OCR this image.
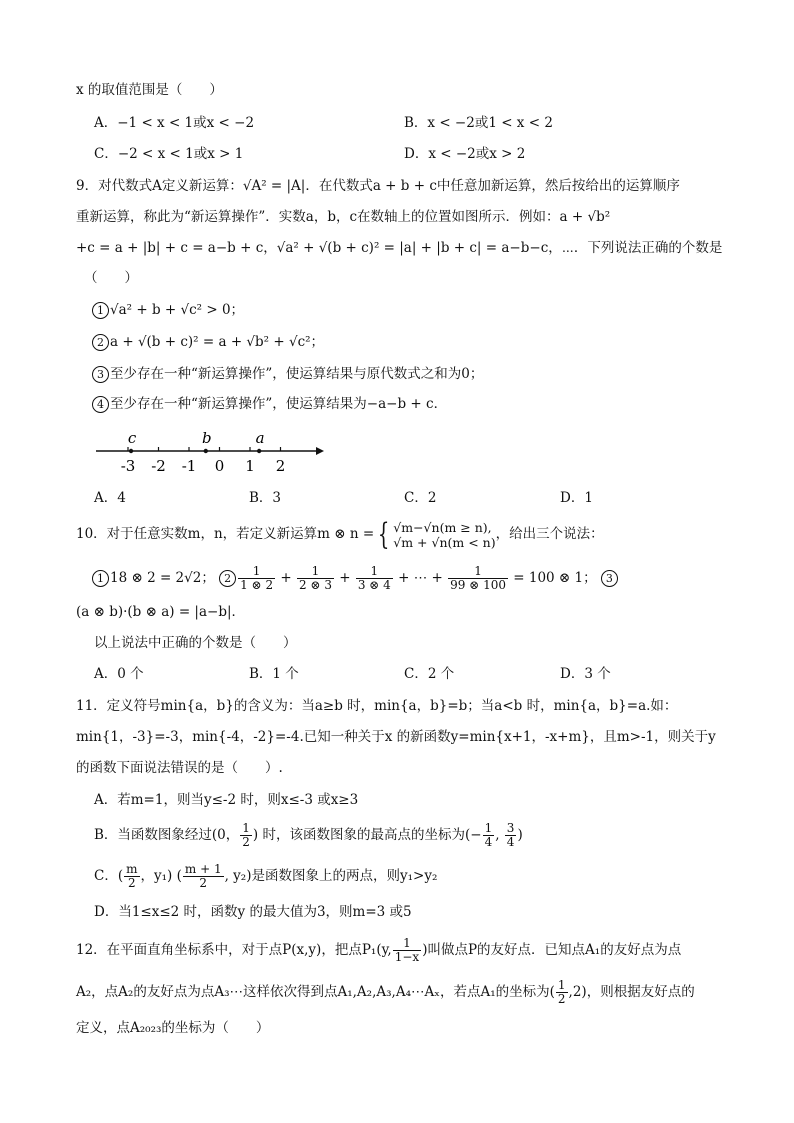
x 的取值范围是（　　）
A．−1 < x < 1或x < −2	B．x < −2或1 < x < 2
C．−2 < x < 1或x > 1	D．x < −2或x > 2
9．对代数式A定义新运算：√A² = |A|．在代数式a + b + c中任意加新运算，然后按给出的运算顺序
重新运算，称此为“新运算操作”．实数a，b，c在数轴上的位置如图所示．例如：a + √b²
+c = a + |b| + c = a−b + c，√a² + √(b + c)² = |a| + |b + c| = a−b−c，⋯．下列说法正确的个数是
（　　）
1 √a² + b + √c² > 0；
2 a + √(b + c)² = a + √b² + √c²；
3 至少存在一种“新运算操作”，使运算结果与原代数式之和为0；
4 至少存在一种“新运算操作”，使运算结果为−a−b + c．
-3 -2 -1 0 1 2
c	b	a
A．4	B．3	C．2	D．1
10．对于任意实数m，n，若定义新运算m ⊗ n = { √m−√n(m ≥ n),
√m + √n(m < n) ，给出三个说法：
1 18 ⊗ 2 = 2√2； $2 \frac{1}{1 \otimes 2} + \frac{1}{2 \otimes 3} + \frac{1}{3 \otimes 4}$ + ⋯ + $\frac{1}{99 \otimes 100} = 100$ ⊗ 1； 3
(a ⊗ b)·(b ⊗ a) = |a−b|．
以上说法中正确的个数是（　　）
A．0 个	B．1 个	C．2 个	D．3 个
11．定义符号min{a，b}的含义为：当a≥b 时，min{a，b}=b；当a<b 时，min{a，b}=a.如：
min{1，-3}=-3，min{-4，-2}=-4.已知一种关于x 的新函数y=min{x+1，-x+m}，且m>-1，则关于y
的函数下面说法错误的是（　　）.
A．若m=1，则当y≤-2 时，则x≤-3 或x≥3
B．当函数图象经过(0， $\frac{1}{2}$ ) 时，该函数图象的最高点的坐标为(− $\frac{1}{4}$ , $\frac{3}{4}$ )
C．( $\frac{m}{2}$ ，y₁) ( $\frac{m + 1}{2}$ , y₂)是函数图象上的两点，则y₁>y₂
D．当1≤x≤2 时，函数y 的最大值为3，则m=3 或5
12．在平面直角坐标系中，对于点P(x,y)，把点P₁(y, $\frac{1}{1-x}$ )叫做点P的友好点．已知点A₁的友好点为点
A₂，点A₂的友好点为点A₃⋯这样依次得到点A₁,A₂,A₃,A₄⋯Aₓ，若点A₁的坐标为( $\frac{1}{2} ,2$)，则根据友好点的
定义，点A₂₀₂₃的坐标为（　　）
